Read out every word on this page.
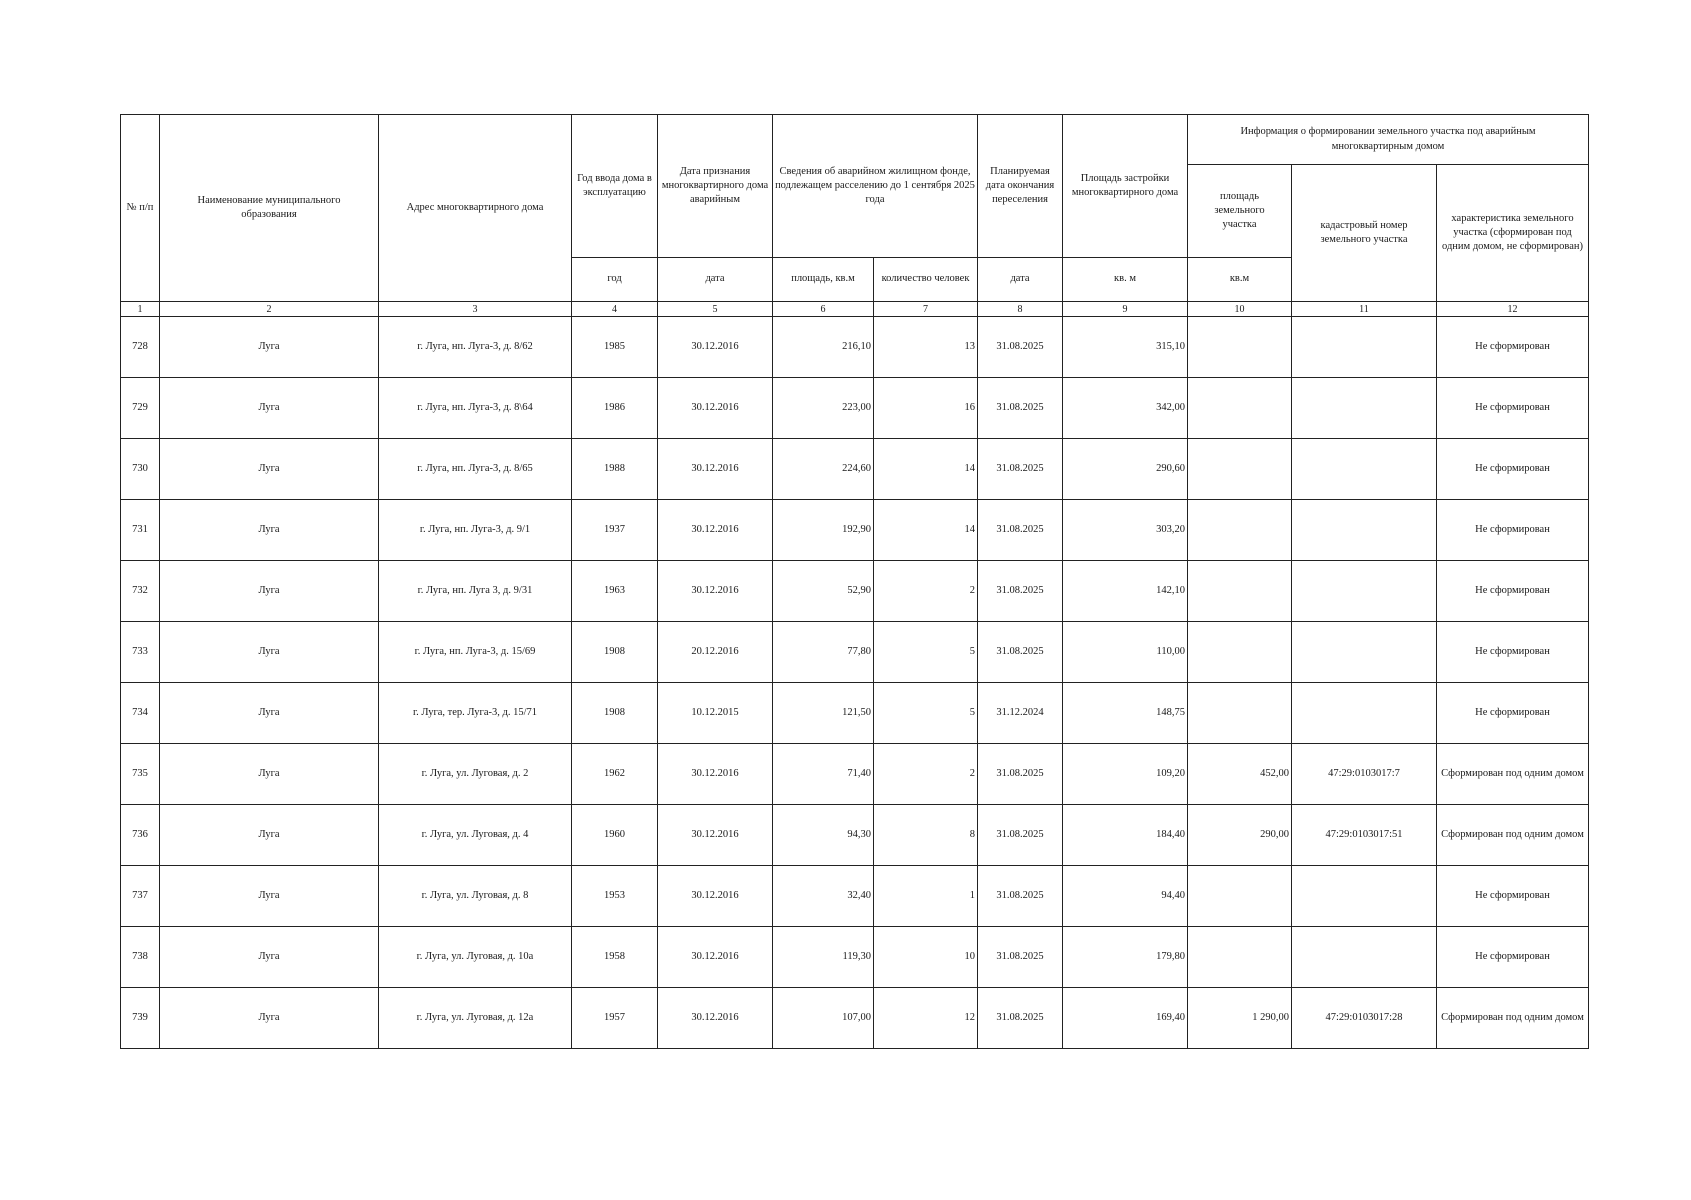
№ п/п	Наименование муниципального образования	Адрес многоквартирного дома	Год ввода дома в эксплуатацию	Дата признания многоквартирного дома аварийным	Сведения об аварийном жилищном фонде, подлежащем расселению до 1 сентября 2025 года		Планируемая дата окончания переселения	Площадь застройки многоквартирного дома	Информация о формировании земельного участка под аварийным многоквартирным домом		
									площадь земельного участка	кадастровый номер земельного участка	характеристика земельного участка (сформирован под одним домом, не сформирован)
			год	дата	площадь, кв.м	количество человек	дата	кв. м	кв.м		
1	2	3	4	5	6	7	8	9	10	11	12
728	Луга	г. Луга, нп. Луга-3, д. 8/62	1985	30.12.2016	216,10	13	31.08.2025	315,10			Не сформирован
729	Луга	г. Луга, нп. Луга-3, д. 8\64	1986	30.12.2016	223,00	16	31.08.2025	342,00			Не сформирован
730	Луга	г. Луга, нп. Луга-3, д. 8/65	1988	30.12.2016	224,60	14	31.08.2025	290,60			Не сформирован
731	Луга	г. Луга, нп. Луга-3, д. 9/1	1937	30.12.2016	192,90	14	31.08.2025	303,20			Не сформирован
732	Луга	г. Луга, нп. Луга 3, д. 9/31	1963	30.12.2016	52,90	2	31.08.2025	142,10			Не сформирован
733	Луга	г. Луга, нп. Луга-3, д. 15/69	1908	20.12.2016	77,80	5	31.08.2025	110,00			Не сформирован
734	Луга	г. Луга, тер. Луга-3, д. 15/71	1908	10.12.2015	121,50	5	31.12.2024	148,75			Не сформирован
735	Луга	г. Луга, ул. Луговая, д. 2	1962	30.12.2016	71,40	2	31.08.2025	109,20	452,00	47:29:0103017:7	Сформирован под одним домом
736	Луга	г. Луга, ул. Луговая, д. 4	1960	30.12.2016	94,30	8	31.08.2025	184,40	290,00	47:29:0103017:51	Сформирован под одним домом
737	Луга	г. Луга, ул. Луговая, д. 8	1953	30.12.2016	32,40	1	31.08.2025	94,40			Не сформирован
738	Луга	г. Луга, ул. Луговая, д. 10а	1958	30.12.2016	119,30	10	31.08.2025	179,80			Не сформирован
739	Луга	г. Луга, ул. Луговая, д. 12а	1957	30.12.2016	107,00	12	31.08.2025	169,40	1 290,00	47:29:0103017:28	Сформирован под одним домом
